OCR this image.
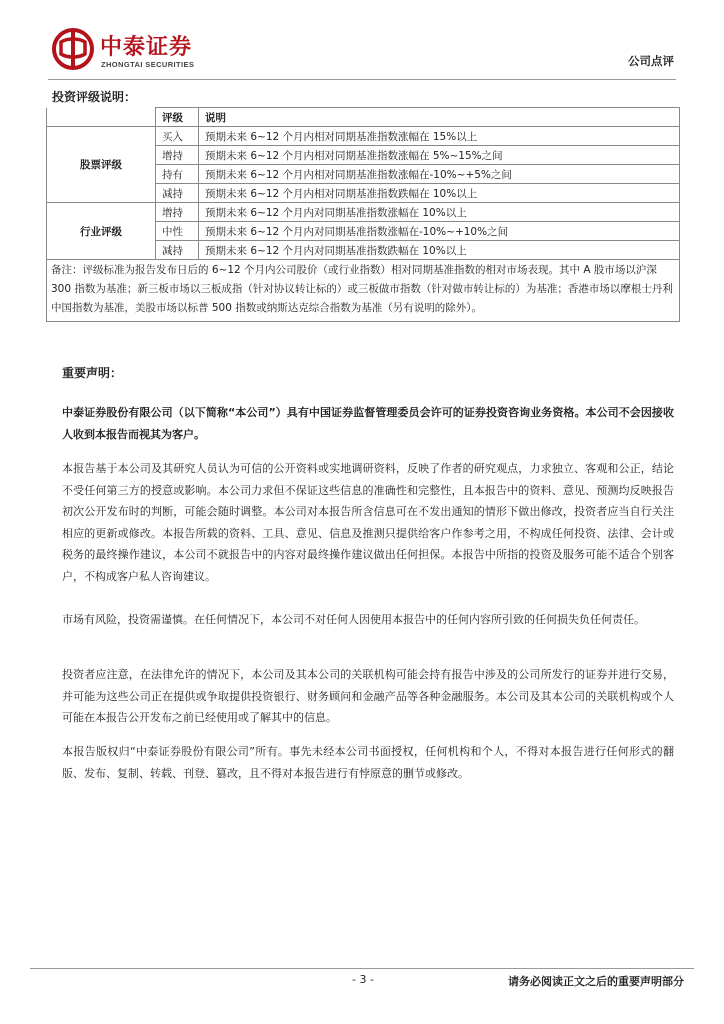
中泰证券
ZHONGTAI SECURITIES	公司点评
投资评级说明：
	评级	说明
股票评级	买入	预期未来 6~12 个月内相对同期基准指数涨幅在 15%以上
	增持	预期未来 6~12 个月内相对同期基准指数涨幅在 5%~15%之间
	持有	预期未来 6~12 个月内相对同期基准指数涨幅在-10%~+5%之间
	减持	预期未来 6~12 个月内相对同期基准指数跌幅在 10%以上
行业评级	增持	预期未来 6~12 个月内对同期基准指数涨幅在 10%以上
	中性	预期未来 6~12 个月内对同期基准指数涨幅在-10%~+10%之间
	减持	预期未来 6~12 个月内对同期基准指数跌幅在 10%以上
备注：评级标准为报告发布日后的 6~12 个月内公司股价（或行业指数）相对同期基准指数的相对市场表现。其中 A 股市场以沪深 300 指数为基准；新三板市场以三板成指（针对协议转让标的）或三板做市指数（针对做市转让标的）为基准；香港市场以摩根士丹利中国指数为基准，美股市场以标普 500 指数或纳斯达克综合指数为基准（另有说明的除外）。		
重要声明：
中泰证券股份有限公司（以下简称“本公司”）具有中国证券监督管理委员会许可的证券投资咨询业务资格。本公司不会因接收人收到本报告而视其为客户。
本报告基于本公司及其研究人员认为可信的公开资料或实地调研资料，反映了作者的研究观点，力求独立、客观和公正，结论不受任何第三方的授意或影响。本公司力求但不保证这些信息的准确性和完整性，且本报告中的资料、意见、预测均反映报告初次公开发布时的判断，可能会随时调整。本公司对本报告所含信息可在不发出通知的情形下做出修改，投资者应当自行关注相应的更新或修改。本报告所载的资料、工具、意见、信息及推测只提供给客户作参考之用，不构成任何投资、法律、会计或税务的最终操作建议，本公司不就报告中的内容对最终操作建议做出任何担保。本报告中所指的投资及服务可能不适合个别客户，不构成客户私人咨询建议。
市场有风险，投资需谨慎。在任何情况下，本公司不对任何人因使用本报告中的任何内容所引致的任何损失负任何责任。
投资者应注意，在法律允许的情况下，本公司及其本公司的关联机构可能会持有报告中涉及的公司所发行的证券并进行交易，并可能为这些公司正在提供或争取提供投资银行、财务顾问和金融产品等各种金融服务。本公司及其本公司的关联机构或个人可能在本报告公开发布之前已经使用或了解其中的信息。
本报告版权归“中泰证券股份有限公司”所有。事先未经本公司书面授权，任何机构和个人，不得对本报告进行任何形式的翻版、发布、复制、转载、刊登、篡改，且不得对本报告进行有悖原意的删节或修改。
- 3 -	请务必阅读正文之后的重要声明部分
